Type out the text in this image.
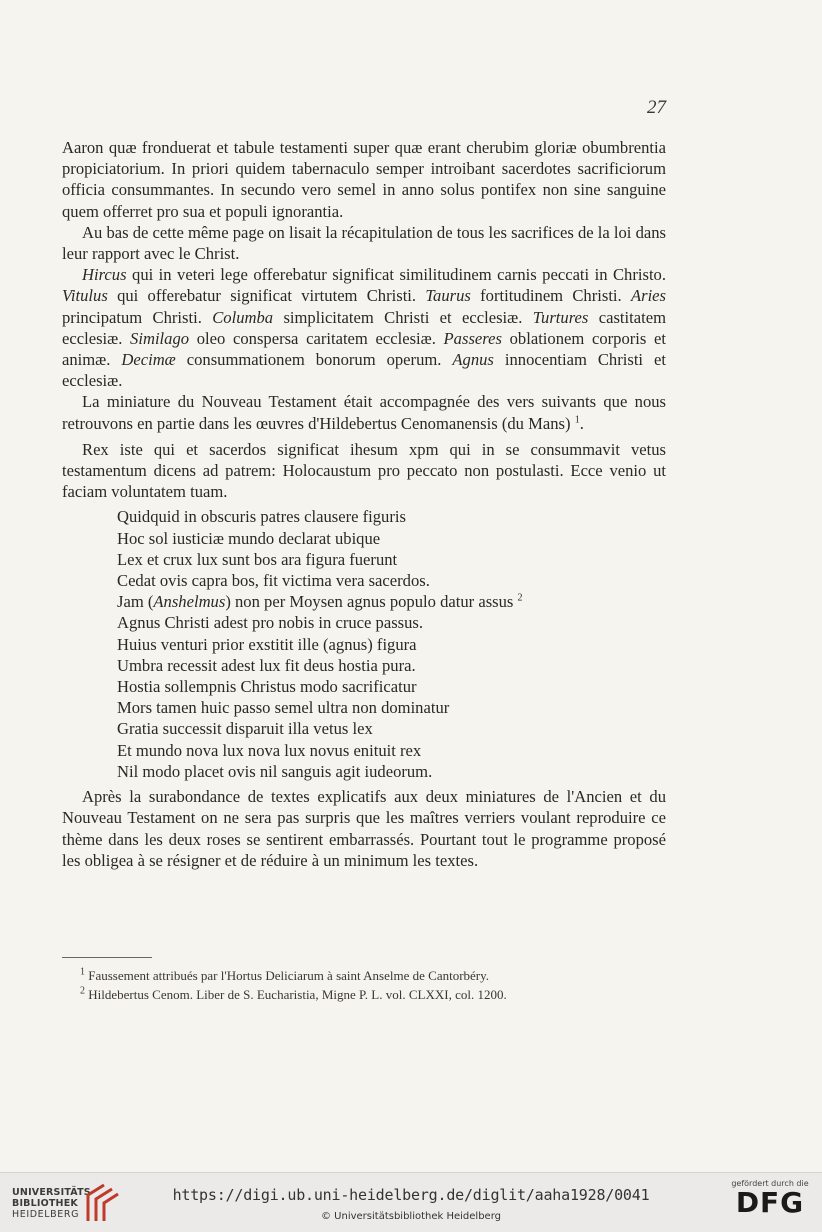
27

Aaron quæ fronduerat et tabule testamenti super quæ erant cherubim gloriæ obumbrentia propiciatorium. In priori quidem tabernaculo semper introibant sacerdotes sacrificiorum officia consummantes. In secundo vero semel in anno solus pontifex non sine sanguine quem offerret pro sua et populi ignorantia.

Au bas de cette même page on lisait la récapitulation de tous les sacrifices de la loi dans leur rapport avec le Christ.

Hircus qui in veteri lege offerebatur significat similitudinem carnis peccati in Christo. Vitulus qui offerebatur significat virtutem Christi. Taurus fortitudinem Christi. Aries principatum Christi. Columba simplicitatem Christi et ecclesiæ. Turtures castitatem ecclesiæ. Similago oleo conspersa caritatem ecclesiæ. Passeres oblationem corporis et animæ. Decimæ consummationem bonorum operum. Agnus innocentiam Christi et ecclesiæ.

La miniature du Nouveau Testament était accompagnée des vers suivants que nous retrouvons en partie dans les œuvres d'Hildebertus Cenomanensis (du Mans) $^1$.

Rex iste qui et sacerdos significat ihesum xpm qui in se consummavit vetus testamentum dicens ad patrem: Holocaustum pro peccato non postulasti. Ecce venio ut faciam voluntatem tuam.

Quidquid in obscuris patres clausere figuris
Hoc sol iusticiæ mundo declarat ubique
Lex et crux lux sunt bos ara figura fuerunt
Cedat ovis capra bos, fit victima vera sacerdos.
Jam (Anshelmus) non per Moysen agnus populo datur assus $^2$
Agnus Christi adest pro nobis in cruce passus.
Huius venturi prior exstitit ille (agnus) figura
Umbra recessit adest lux fit deus hostia pura.
Hostia sollempnis Christus modo sacrificatur
Mors tamen huic passo semel ultra non dominatur
Gratia successit disparuit illa vetus lex
Et mundo nova lux nova lux novus enituit rex
Nil modo placet ovis nil sanguis agit iudeorum.

Après la surabondance de textes explicatifs aux deux miniatures de l'Ancien et du Nouveau Testament on ne sera pas surpris que les maîtres verriers voulant reproduire ce thème dans les deux roses se sentirent embarrassés. Pourtant tout le programme proposé les obligea à se résigner et de réduire à un minimum les textes.

$^1$ Faussement attribués par l'Hortus Deliciarum à saint Anselme de Cantorbéry.
$^2$ Hildebertus Cenom. Liber de S. Eucharistia, Migne P. L. vol. CLXXI, col. 1200.
UNIVERSITÄTS-
BIBLIOTHEK
HEIDELBERG
https://digi.ub.uni-heidelberg.de/diglit/aaha1928/0041
© Universitätsbibliothek Heidelberg
gefördert durch die
DFG
